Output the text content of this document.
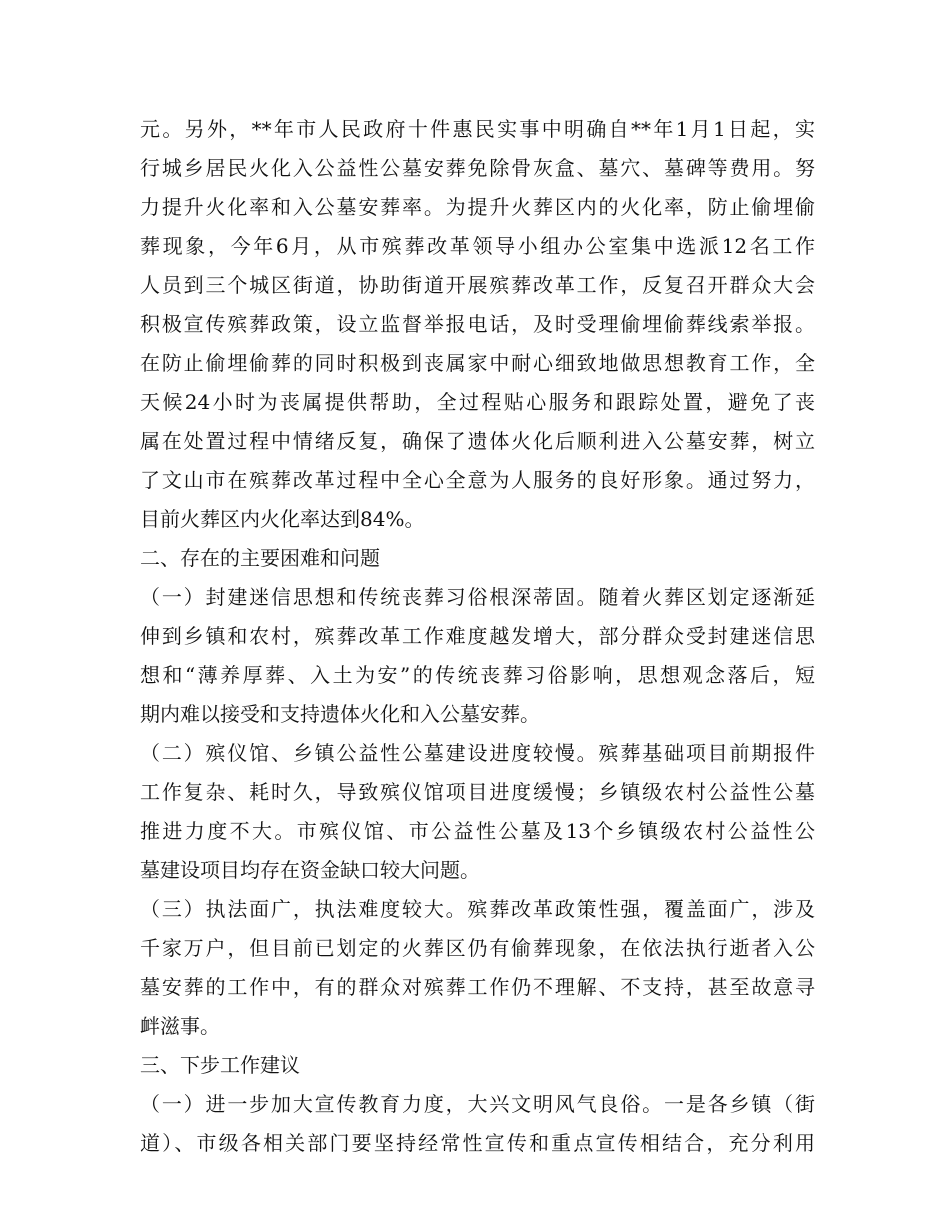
元。另外，**年市人民政府十件惠民实事中明确自**年1月1日起，实
行城乡居民火化入公益性公墓安葬免除骨灰盒、墓穴、墓碑等费用。努
力提升火化率和入公墓安葬率。为提升火葬区内的火化率，防止偷埋偷
葬现象，今年6月，从市殡葬改革领导小组办公室集中选派12名工作
人员到三个城区街道，协助街道开展殡葬改革工作，反复召开群众大会
积极宣传殡葬政策，设立监督举报电话，及时受理偷埋偷葬线索举报。
在防止偷埋偷葬的同时积极到丧属家中耐心细致地做思想教育工作，全
天候24小时为丧属提供帮助，全过程贴心服务和跟踪处置，避免了丧
属在处置过程中情绪反复，确保了遗体火化后顺利进入公墓安葬，树立
了文山市在殡葬改革过程中全心全意为人服务的良好形象。通过努力，
目前火葬区内火化率达到84%。
二、存在的主要困难和问题
（一）封建迷信思想和传统丧葬习俗根深蒂固。随着火葬区划定逐渐延
伸到乡镇和农村，殡葬改革工作难度越发增大，部分群众受封建迷信思
想和“薄养厚葬、入土为安”的传统丧葬习俗影响，思想观念落后，短
期内难以接受和支持遗体火化和入公墓安葬。
（二）殡仪馆、乡镇公益性公墓建设进度较慢。殡葬基础项目前期报件
工作复杂、耗时久，导致殡仪馆项目进度缓慢；乡镇级农村公益性公墓
推进力度不大。市殡仪馆、市公益性公墓及13个乡镇级农村公益性公
墓建设项目均存在资金缺口较大问题。
（三）执法面广，执法难度较大。殡葬改革政策性强，覆盖面广，涉及
千家万户，但目前已划定的火葬区仍有偷葬现象，在依法执行逝者入公
墓安葬的工作中，有的群众对殡葬工作仍不理解、不支持，甚至故意寻
衅滋事。
三、下步工作建议
（一）进一步加大宣传教育力度，大兴文明风气良俗。一是各乡镇（街
道）、市级各相关部门要坚持经常性宣传和重点宣传相结合，充分利用
